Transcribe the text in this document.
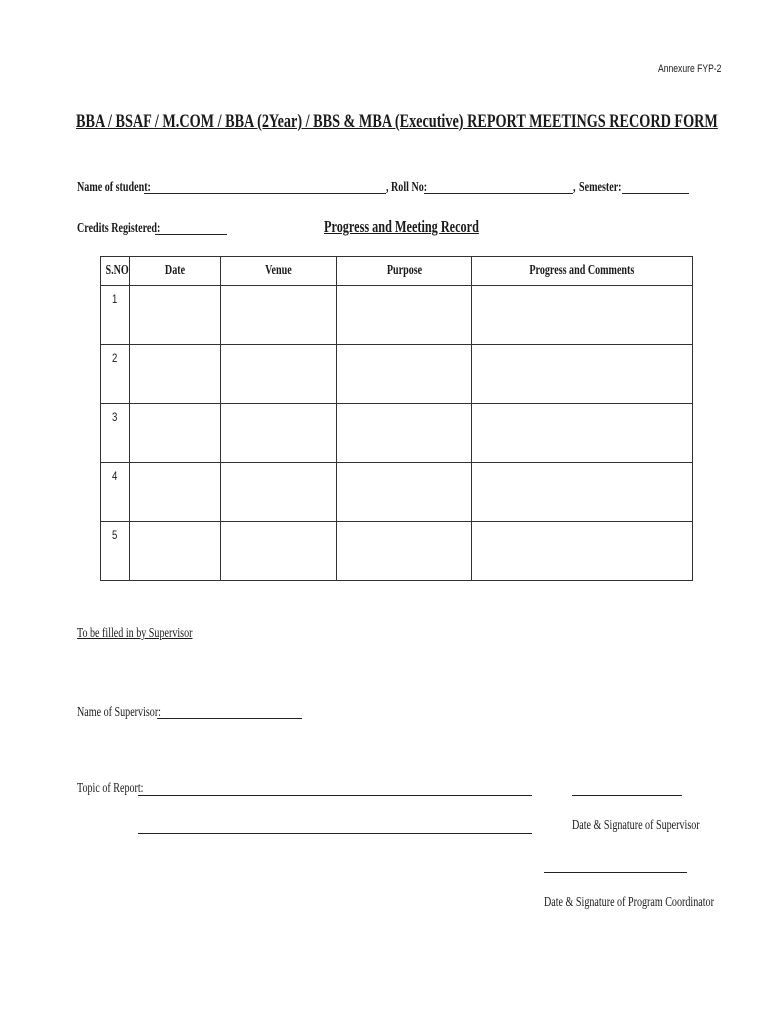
Annexure FYP-2
BBA / BSAF / M.COM / BBA (2Year) / BBS & MBA (Executive) REPORT MEETINGS RECORD FORM
Name of student:	, Roll No:	, Semester:
Credits Registered:	Progress and Meeting Record
S.NO	Date	Venue	Purpose	Progress and Comments
1				
2				
3				
4				
5				
To be filled in by Supervisor
Name of Supervisor:
Topic of Report:
Date & Signature of Supervisor
Date & Signature of Program Coordinator
